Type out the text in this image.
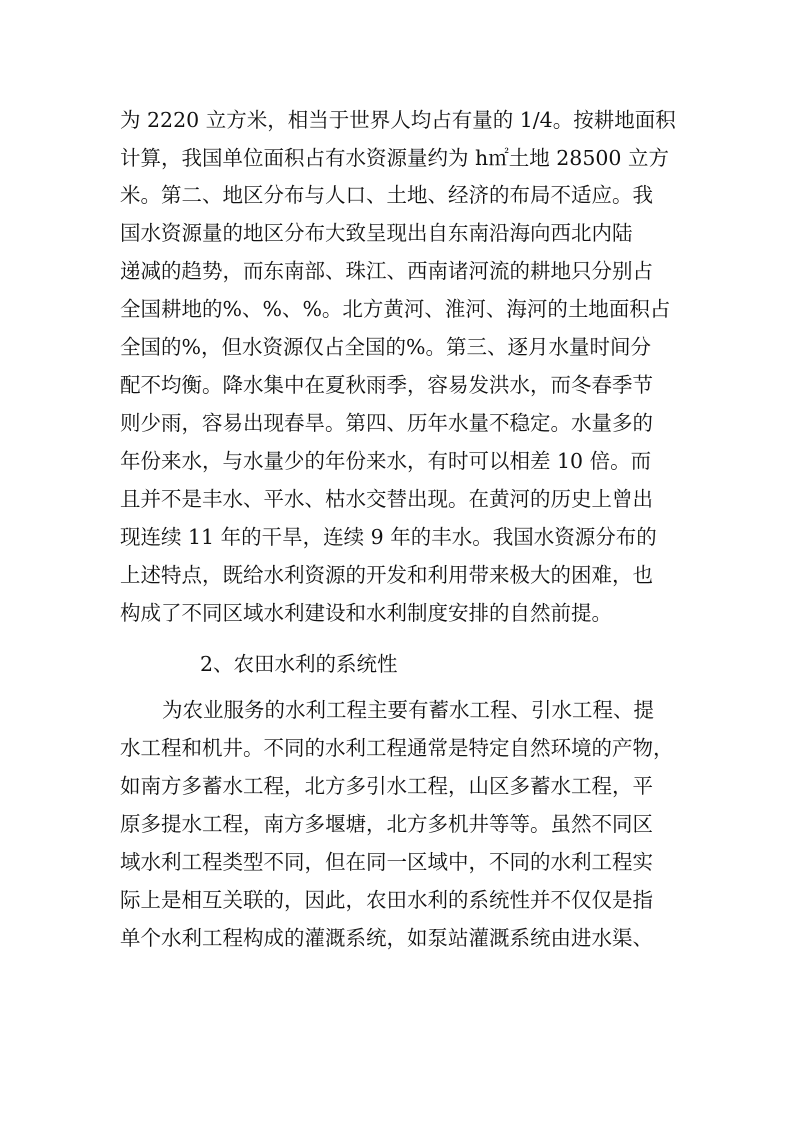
为 2220 立方米，相当于世界人均占有量的 1/4。按耕地面积
计算，我国单位面积占有水资源量约为 h㎡土地 28500 立方
米。第二、地区分布与人口、土地、经济的布局不适应。我
国水资源量的地区分布大致呈现出自东南沿海向西北内陆
递减的趋势，而东南部、珠江、西南诸河流的耕地只分别占
全国耕地的%、%、%。北方黄河、淮河、海河的土地面积占
全国的%，但水资源仅占全国的%。第三、逐月水量时间分
配不均衡。降水集中在夏秋雨季，容易发洪水，而冬春季节
则少雨，容易出现春旱。第四、历年水量不稳定。水量多的
年份来水，与水量少的年份来水，有时可以相差 10 倍。而
且并不是丰水、平水、枯水交替出现。在黄河的历史上曾出
现连续 11 年的干旱，连续 9 年的丰水。我国水资源分布的
上述特点，既给水利资源的开发和利用带来极大的困难，也
构成了不同区域水利建设和水利制度安排的自然前提。
2、农田水利的系统性
为农业服务的水利工程主要有蓄水工程、引水工程、提
水工程和机井。不同的水利工程通常是特定自然环境的产物，
如南方多蓄水工程，北方多引水工程，山区多蓄水工程，平
原多提水工程，南方多堰塘，北方多机井等等。虽然不同区
域水利工程类型不同，但在同一区域中，不同的水利工程实
际上是相互关联的，因此，农田水利的系统性并不仅仅是指
单个水利工程构成的灌溉系统，如泵站灌溉系统由进水渠、
